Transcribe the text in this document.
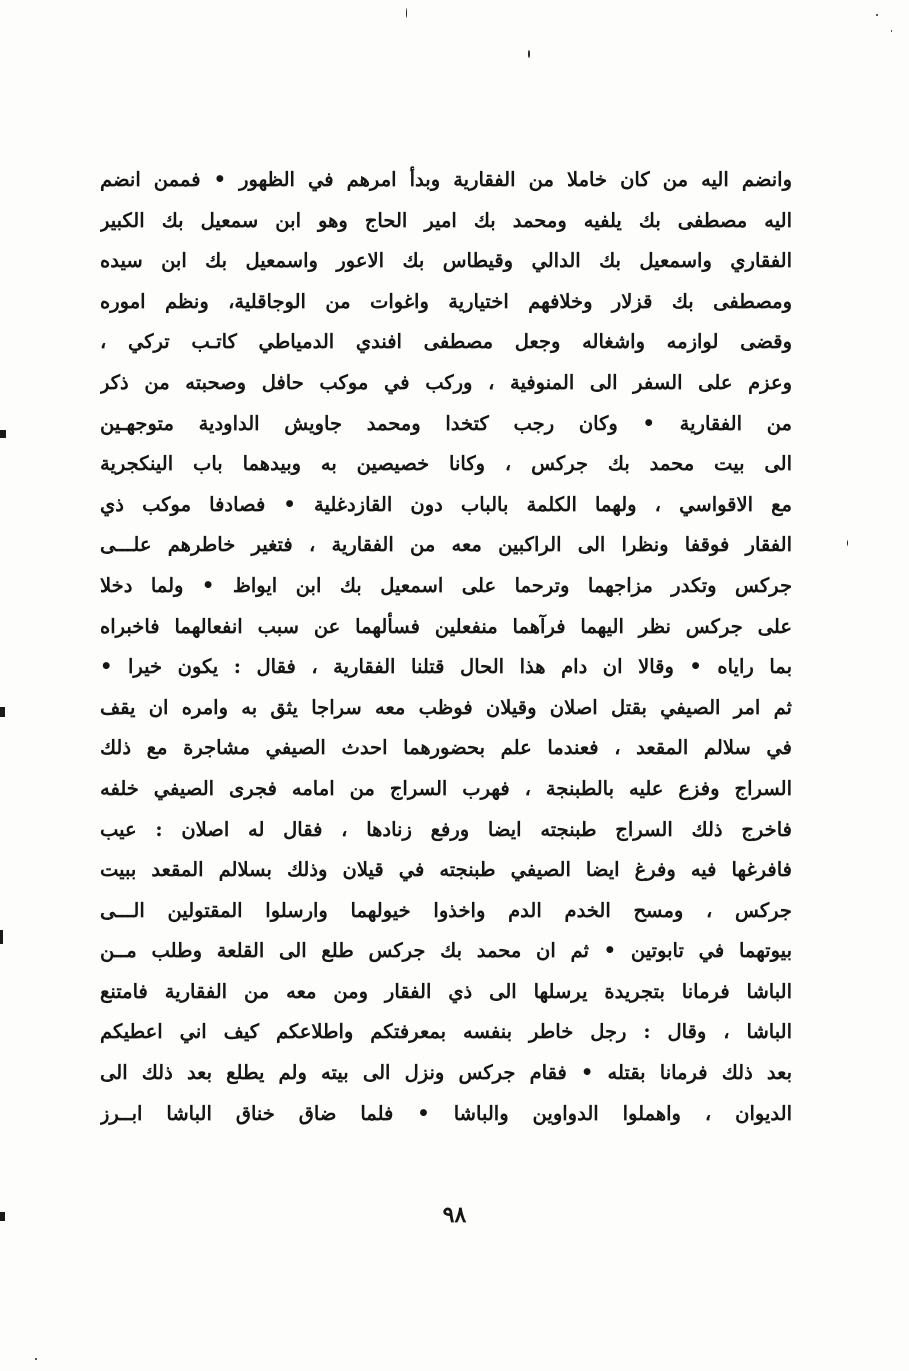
وانضم اليه من كان خاملا من الفقارية وبدأ امرهم في الظهور • فممن انضم
اليه مصطفى بك يلفيه ومحمد بك امير الحاج وهو ابن سمعيل بك الكبير
الفقاري واسمعيل بك الدالي وقيطاس بك الاعور واسمعيل بك ابن سيده
ومصطفى بك قزلار وخلافهم اختيارية واغوات من الوجاقلية، ونظم اموره
وقضى لوازمه واشغاله وجعل مصطفى افندي الدمياطي كاتـب تركي ،
وعزم على السفر الى المنوفية ، وركب في موكب حافل وصحبته من ذكر
من الفقارية • وكان رجب كتخدا ومحمد جاويش الداودية متوجهـين
الى بيت محمد بك جركس ، وكانا خصيصين به وبيدهما باب الينكجرية
مع الاقواسي ، ولهما الكلمة بالباب دون القازدغلية • فصادفا موكب ذي
الفقار فوقفا ونظرا الى الراكبين معه من الفقارية ، فتغير خاطرهم علـــى
جركس وتكدر مزاجهما وترحما على اسمعيل بك ابن ايواظ • ولما دخلا
على جركس نظر اليهما فرآهما منفعلين فسألهما عن سبب انفعالهما فاخبراه
بما راياه • وقالا ان دام هذا الحال قتلنا الفقارية ، فقال : يكون خيرا •
ثم امر الصيفي بقتل اصلان وقيلان فوظب معه سراجا يثق به وامره ان يقف
في سلالم المقعد ، فعندما علم بحضورهما احدث الصيفي مشاجرة مع ذلك
السراج وفزع عليه بالطبنجة ، فهرب السراج من امامه فجرى الصيفي خلفه
فاخرج ذلك السراج طبنجته ايضا ورفع زنادها ، فقال له اصلان : عيب
فافرغها فيه وفرغ ايضا الصيفي طبنجته في قيلان وذلك بسلالم المقعد ببيت
جركس ، ومسح الخدم الدم واخذوا خيولهما وارسلوا المقتولين الـــى
بيوتهما في تابوتين • ثم ان محمد بك جركس طلع الى القلعة وطلب مــن
الباشا فرمانا بتجريدة يرسلها الى ذي الفقار ومن معه من الفقارية فامتنع
الباشا ، وقال : رجل خاطر بنفسه بمعرفتكم واطلاعكم كيف اني اعطيكم
بعد ذلك فرمانا بقتله • فقام جركس ونزل الى بيته ولم يطلع بعد ذلك الى
الديوان ، واهملوا الدواوين والباشا • فلما ضاق خناق الباشا ابــرز
٩٨
